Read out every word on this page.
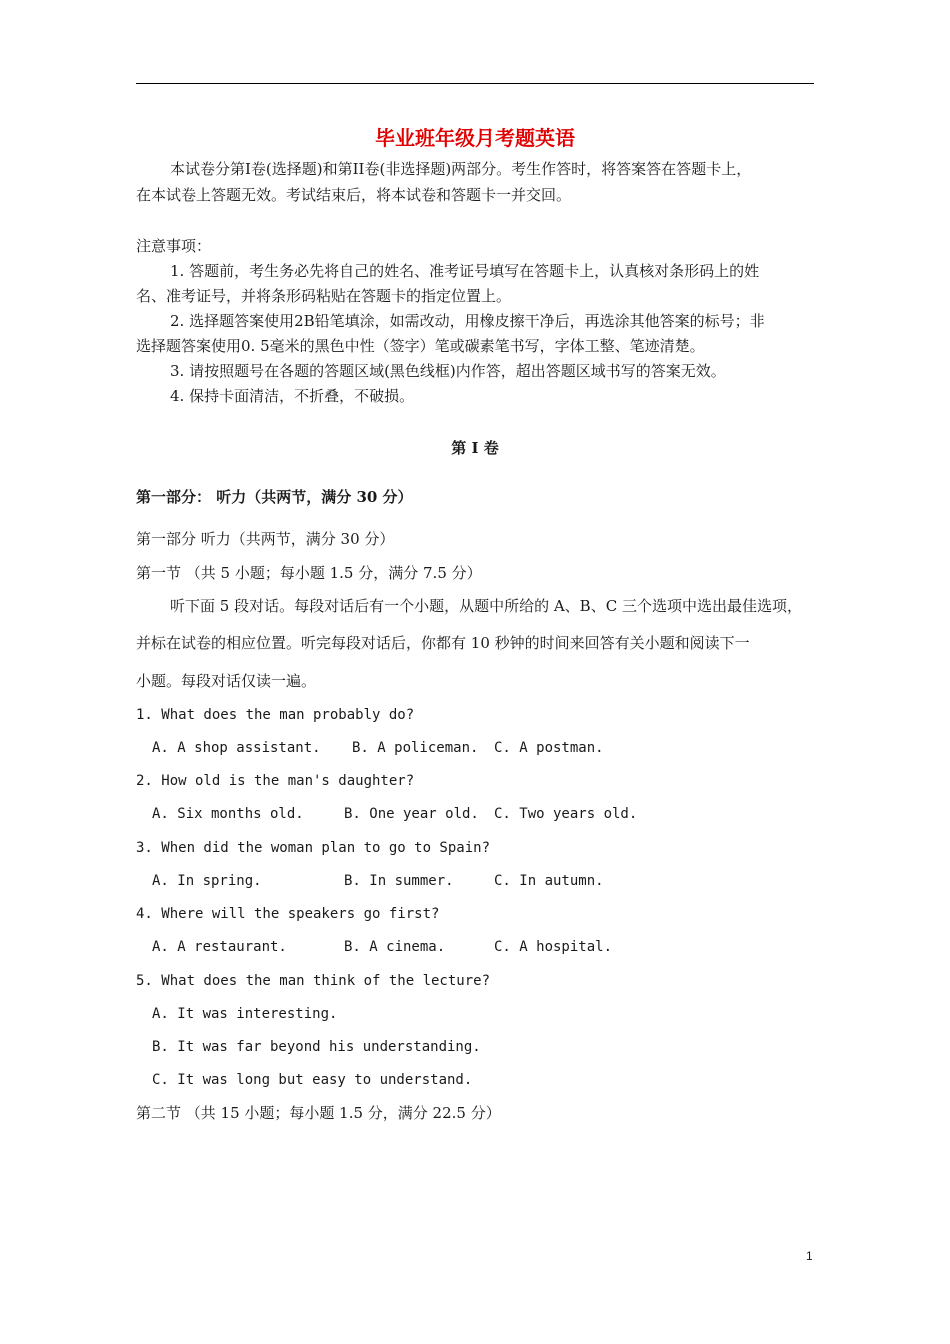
毕业班年级月考题英语
本试卷分第Ⅰ卷(选择题)和第II卷(非选择题)两部分。考生作答时，将答案答在答题卡上，
在本试卷上答题无效。考试结束后，将本试卷和答题卡一并交回。
注意事项：
1. 答题前，考生务必先将自己的姓名、准考证号填写在答题卡上，认真核对条形码上的姓
名、准考证号，并将条形码粘贴在答题卡的指定位置上。
2. 选择题答案使用2B铅笔填涂，如需改动，用橡皮擦干净后，再选涂其他答案的标号；非
选择题答案使用0. 5毫米的黑色中性（签字）笔或碳素笔书写，字体工整、笔迹清楚。
3. 请按照题号在各题的答题区域(黑色线框)内作答，超出答题区域书写的答案无效。
4. 保持卡面清洁，不折叠，不破损。
第 Ⅰ 卷
第一部分： 听力（共两节，满分 30 分）
第一部分 听力（共两节，满分 30 分）
第一节 （共 5 小题；每小题 1.5 分，满分 7.5 分）
听下面 5 段对话。每段对话后有一个小题，从题中所给的 A、B、C 三个选项中选出最佳选项，
并标在试卷的相应位置。听完每段对话后，你都有 10 秒钟的时间来回答有关小题和阅读下一
小题。每段对话仅读一遍。
1. What does the man probably do?
A. A shop assistant. B. A policeman. C. A postman.
2. How old is the man's daughter?
A. Six months old.	B. One year old. C. Two years old.
3. When did the woman plan to go to Spain?
A. In spring.	B. In summer.	C. In autumn.
4. Where will the speakers go first?
A. A restaurant.	B. A cinema.	C. A hospital.
5. What does the man think of the lecture?
A. It was interesting.
B. It was far beyond his understanding.
C. It was long but easy to understand.
第二节 （共 15 小题；每小题 1.5 分，满分 22.5 分）
1
